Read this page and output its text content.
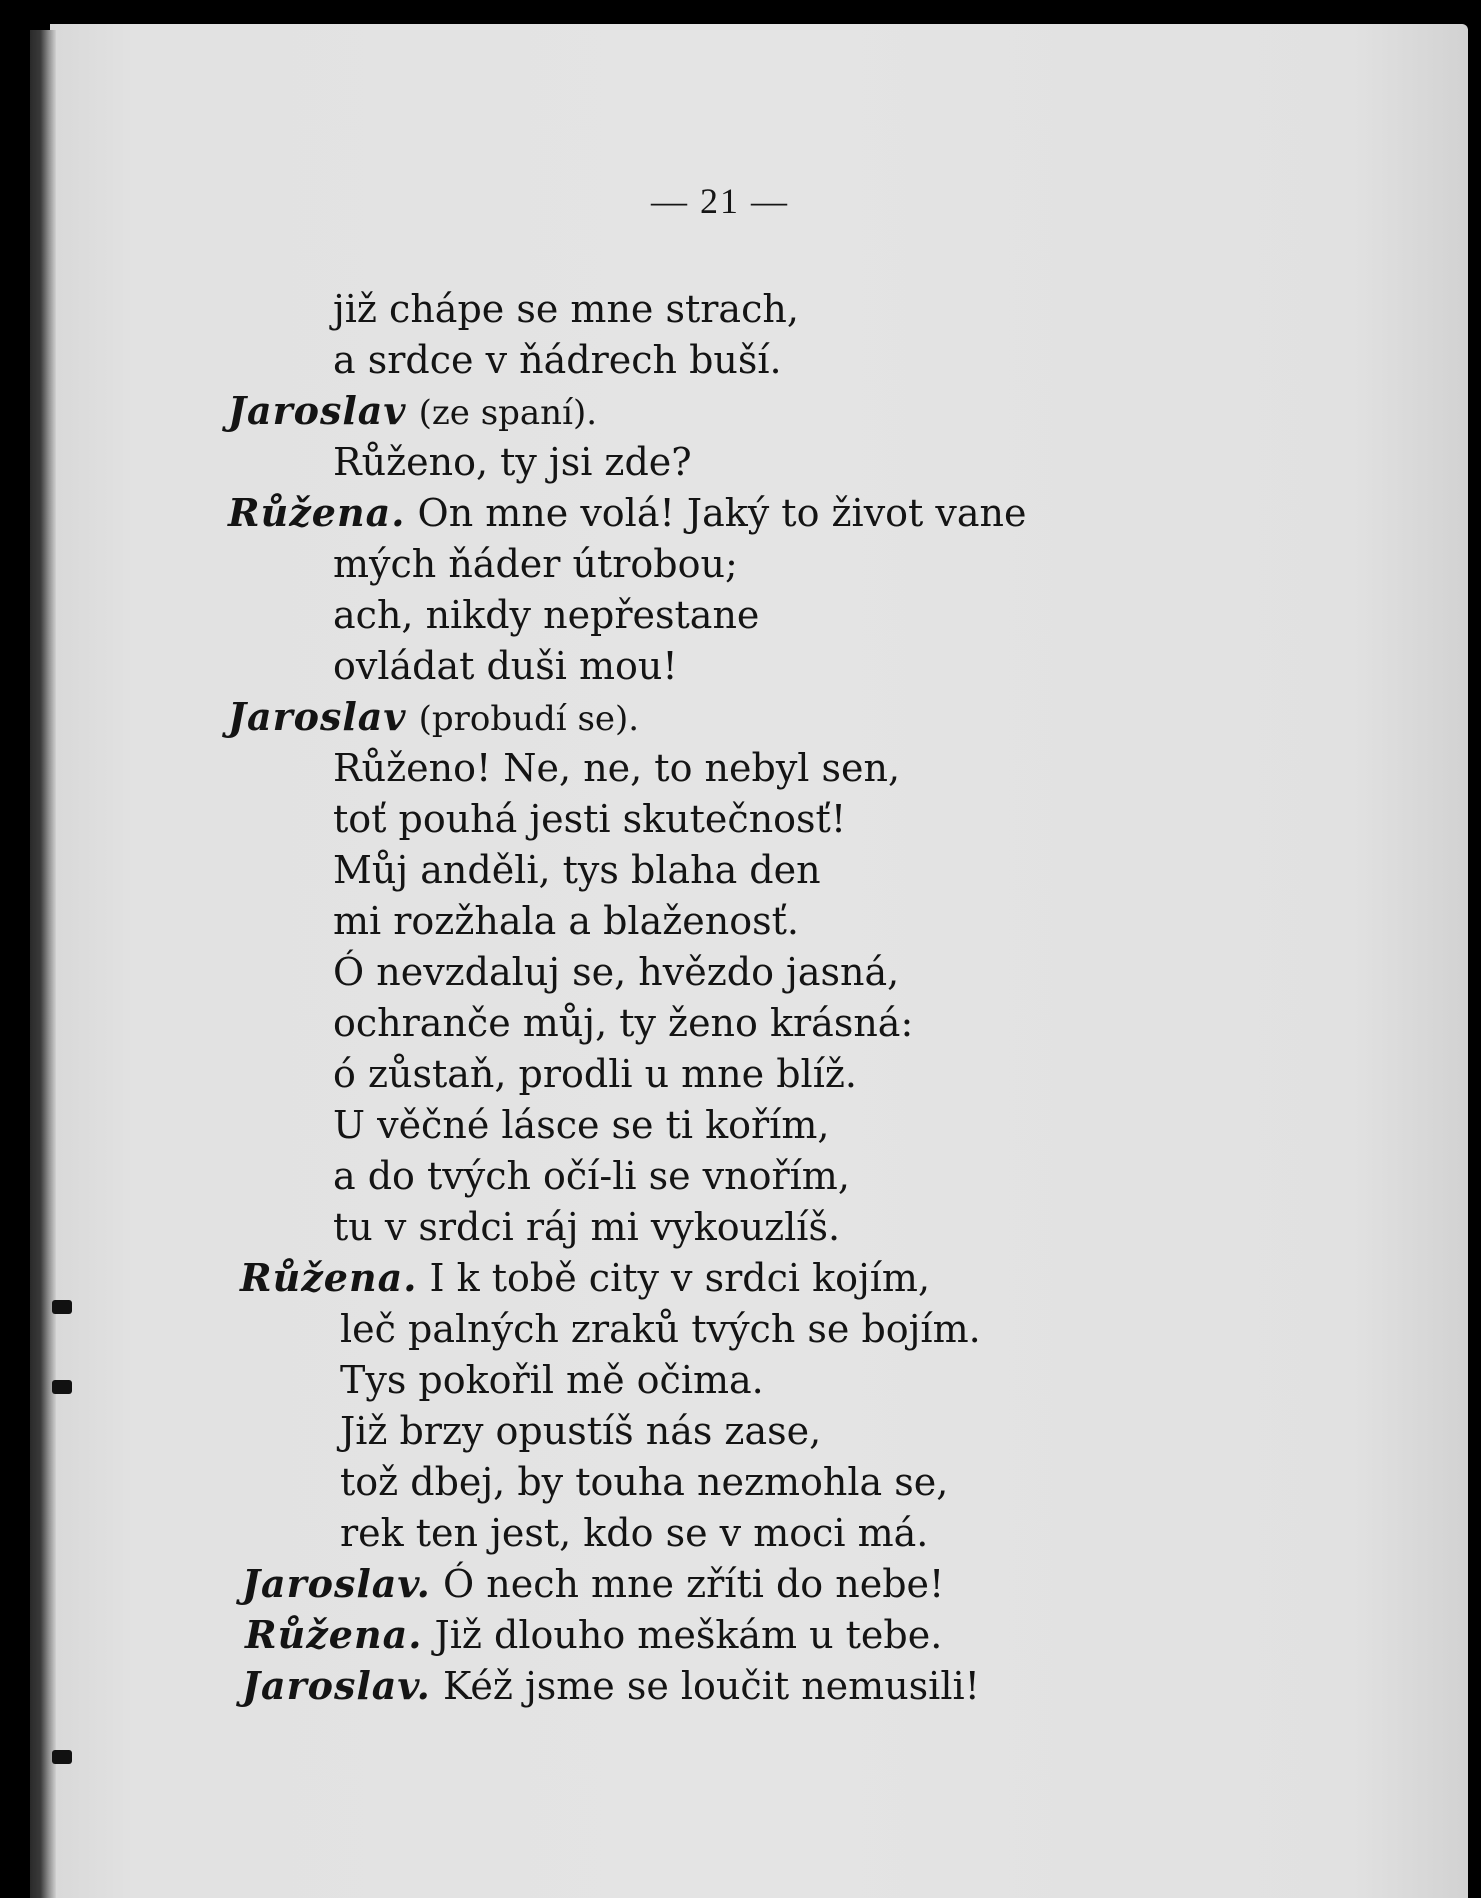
— 21 —
již chápe se mne strach,
a srdce v ňádrech buší.
Jaroslav (ze spaní).
Růženo, ty jsi zde?
Růžena. On mne volá! Jaký to život vane
mých ňáder útrobou;
ach, nikdy nepřestane
ovládat duši mou!
Jaroslav (probudí se).
Růženo! Ne, ne, to nebyl sen,
toť pouhá jesti skutečnosť!
Můj anděli, tys blaha den
mi rozžhala a blaženosť.
Ó nevzdaluj se, hvězdo jasná,
ochranče můj, ty ženo krásná:
ó zůstaň, prodli u mne blíž.
U věčné lásce se ti kořím,
a do tvých očí-li se vnořím,
tu v srdci ráj mi vykouzlíš.
Růžena. I k tobě city v srdci kojím,
leč palných zraků tvých se bojím.
Tys pokořil mě očima.
Již brzy opustíš nás zase,
tož dbej, by touha nezmohla se,
rek ten jest, kdo se v moci má.
Jaroslav. Ó nech mne zříti do nebe!
Růžena. Již dlouho meškám u tebe.
Jaroslav. Kéž jsme se loučit nemusili!
